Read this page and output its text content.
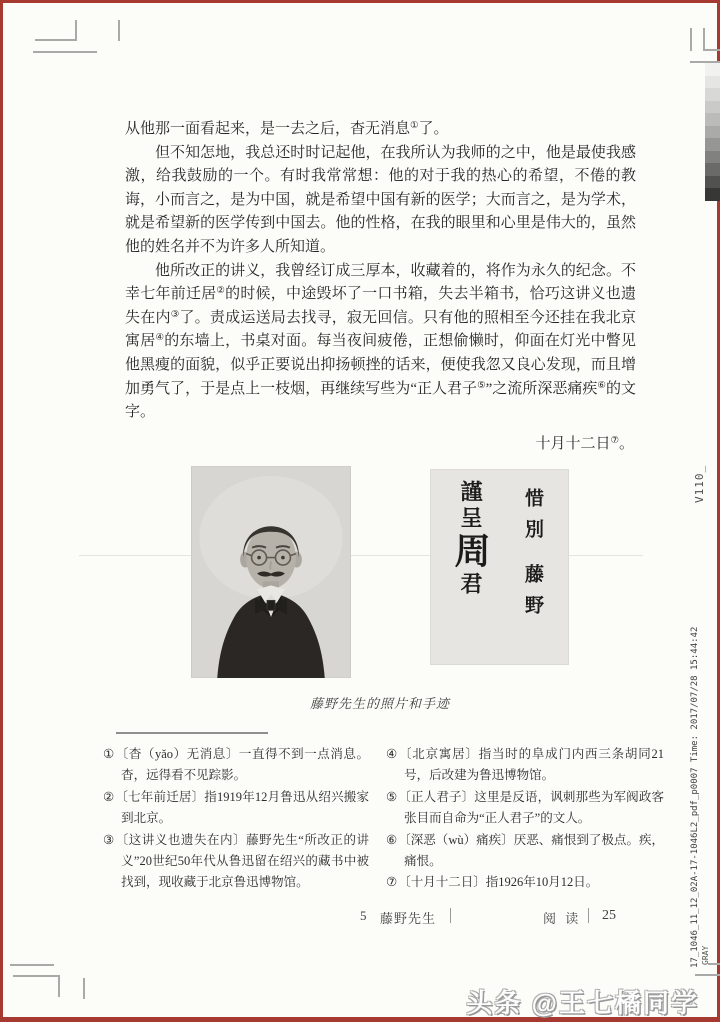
从他那一面看起来，是一去之后，杳无消息①了。

但不知怎地，我总还时时记起他，在我所认为我师的之中，他是最使我感激，给我鼓励的一个。有时我常常想：他的对于我的热心的希望，不倦的教诲，小而言之，是为中国，就是希望中国有新的医学；大而言之，是为学术，就是希望新的医学传到中国去。他的性格，在我的眼里和心里是伟大的，虽然他的姓名并不为许多人所知道。

他所改正的讲义，我曾经订成三厚本，收藏着的，将作为永久的纪念。不幸七年前迁居②的时候，中途毁坏了一口书箱，失去半箱书，恰巧这讲义也遗失在内③了。责成运送局去找寻，寂无回信。只有他的照相至今还挂在我北京寓居④的东墙上，书桌对面。每当夜间疲倦，正想偷懒时，仰面在灯光中瞥见他黑瘦的面貌，似乎正要说出抑扬顿挫的话来，便使我忽又良心发现，而且增加勇气了，于是点上一枝烟，再继续写些为“正人君子⑤”之流所深恶痛疾⑥的文字。

十月十二日⑦。

惜別藤野
謹呈周君
藤野先生的照片和手迹
①〔杳（yǎo）无消息〕一直得不到一点消息。杳，远得看不见踪影。
②〔七年前迁居〕指1919年12月鲁迅从绍兴搬家到北京。
③〔这讲义也遗失在内〕藤野先生“所改正的讲义”20世纪50年代从鲁迅留在绍兴的藏书中被找到，现收藏于北京鲁迅博物馆。
④〔北京寓居〕指当时的阜成门内西三条胡同21号，后改建为鲁迅博物馆。
⑤〔正人君子〕这里是反语，讽刺那些为军阀政客张目而自命为“正人君子”的文人。
⑥〔深恶（wù）痛疾〕厌恶、痛恨到了极点。疾，痛恨。
⑦〔十月十二日〕指1926年10月12日。
5 藤野先生	阅 读 25
V110_
17_1046_11_12_02A-17-1046L2_pdf_p0007 Time: 2017/07/28 15:44:42 GRAY
头条 @王七橘同学
